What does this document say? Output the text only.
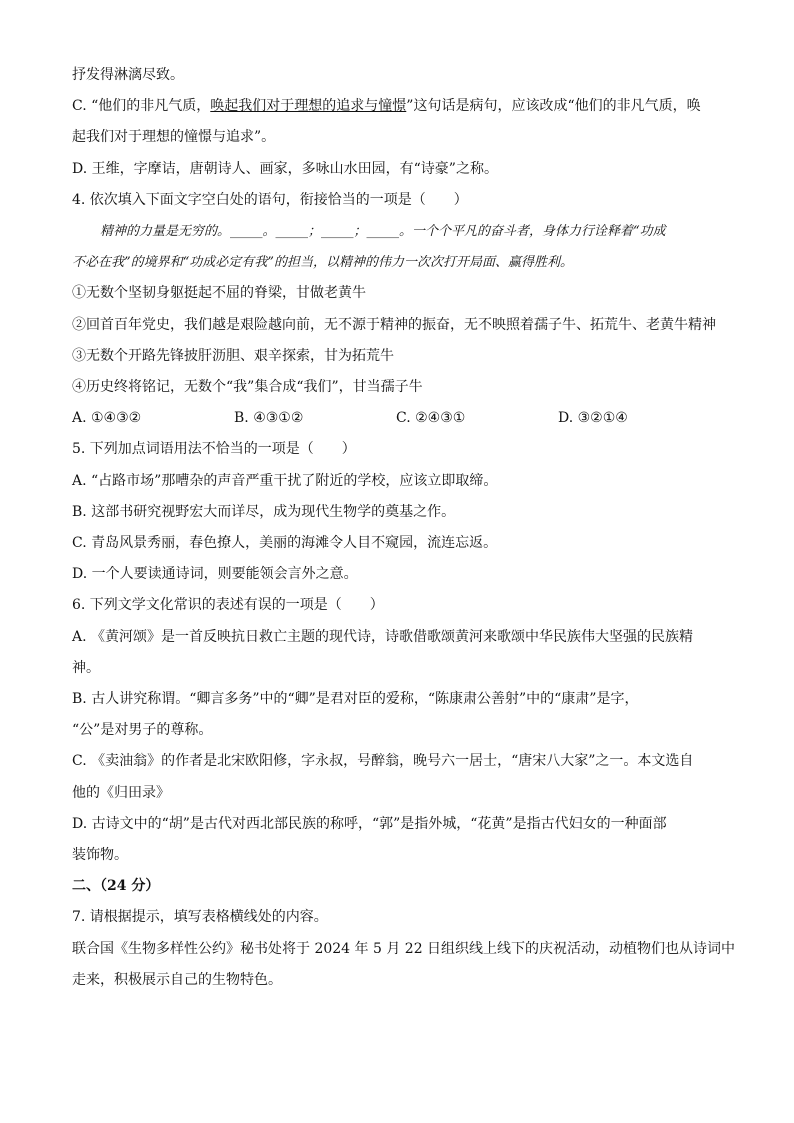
抒发得淋漓尽致。
C. “他们的非凡气质，唤起我们对于理想的追求与憧憬”这句话是病句，应该改成“他们的非凡气质，唤
起我们对于理想的憧憬与追求”。
D. 王维，字摩诘，唐朝诗人、画家，多咏山水田园，有“诗豪”之称。
4. 依次填入下面文字空白处的语句，衔接恰当的一项是（　　）
精神的力量是无穷的。_____。_____；_____；_____。一个个平凡的奋斗者，身体力行诠释着“功成
不必在我”的境界和“功成必定有我”的担当，以精神的伟力一次次打开局面、赢得胜利。
①无数个坚韧身躯挺起不屈的脊梁，甘做老黄牛
②回首百年党史，我们越是艰险越向前，无不源于精神的振奋，无不映照着孺子牛、拓荒牛、老黄牛精神
③无数个开路先锋披肝沥胆、艰辛探索，甘为拓荒牛
④历史终将铭记，无数个“我”集合成“我们”，甘当孺子牛
A. ①④③②	B. ④③①②	C. ②④③①	D. ③②①④
5. 下列加点词语用法不恰当的一项是（　　）
A. “占路市场”那嘈杂的声音严重干扰了附近的学校，应该立即取缔。
B. 这部书研究视野宏大而详尽，成为现代生物学的奠基之作。
C. 青岛风景秀丽，春色撩人，美丽的海滩令人目不窥园，流连忘返。
D. 一个人要读通诗词，则要能领会言外之意。
6. 下列文学文化常识的表述有误的一项是（　　）
A. 《黄河颂》是一首反映抗日救亡主题的现代诗，诗歌借歌颂黄河来歌颂中华民族伟大坚强的民族精
神。
B. 古人讲究称谓。“卿言多务”中的“卿”是君对臣的爱称，“陈康肃公善射”中的“康肃”是字，
“公”是对男子的尊称。
C. 《卖油翁》的作者是北宋欧阳修，字永叔，号醉翁，晚号六一居士，“唐宋八大家”之一。本文选自
他的《归田录》
D. 古诗文中的“胡”是古代对西北部民族的称呼，“郭”是指外城，“花黄”是指古代妇女的一种面部
装饰物。
二、（24 分）
7. 请根据提示，填写表格横线处的内容。
联合国《生物多样性公约》秘书处将于 2024 年 5 月 22 日组织线上线下的庆祝活动，动植物们也从诗词中
走来，积极展示自己的生物特色。
